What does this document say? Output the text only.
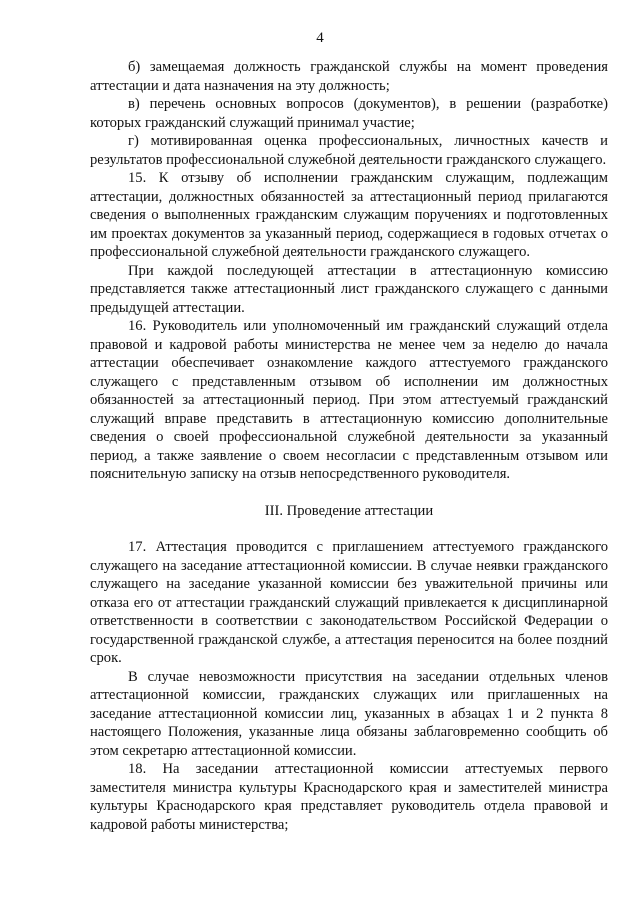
4

б) замещаемая должность гражданской службы на момент проведения аттестации и дата назначения на эту должность;

в) перечень основных вопросов (документов), в решении (разработке) которых гражданский служащий принимал участие;

г) мотивированная оценка профессиональных, личностных качеств и результатов профессиональной служебной деятельности гражданского служащего.

15. К отзыву об исполнении гражданским служащим, подлежащим аттестации, должностных обязанностей за аттестационный период прилагаются сведения о выполненных гражданским служащим поручениях и подготовленных им проектах документов за указанный период, содержащиеся в годовых отчетах о профессиональной служебной деятельности гражданского служащего.

При каждой последующей аттестации в аттестационную комиссию представляется также аттестационный лист гражданского служащего с данными предыдущей аттестации.

16. Руководитель или уполномоченный им гражданский служащий отдела правовой и кадровой работы министерства не менее чем за неделю до начала аттестации обеспечивает ознакомление каждого аттестуемого гражданского служащего с представленным отзывом об исполнении им должностных обязанностей за аттестационный период. При этом аттестуемый гражданский служащий вправе представить в аттестационную комиссию дополнительные сведения о своей профессиональной служебной деятельности за указанный период, а также заявление о своем несогласии с представленным отзывом или пояснительную записку на отзыв непосредственного руководителя.

III. Проведение аттестации

17. Аттестация проводится с приглашением аттестуемого гражданского служащего на заседание аттестационной комиссии. В случае неявки гражданского служащего на заседание указанной комиссии без уважительной причины или отказа его от аттестации гражданский служащий привлекается к дисциплинарной ответственности в соответствии с законодательством Российской Федерации о государственной гражданской службе, а аттестация переносится на более поздний срок.

В случае невозможности присутствия на заседании отдельных членов аттестационной комиссии, гражданских служащих или приглашенных на заседание аттестационной комиссии лиц, указанных в абзацах 1 и 2 пункта 8 настоящего Положения, указанные лица обязаны заблаговременно сообщить об этом секретарю аттестационной комиссии.

18. На заседании аттестационной комиссии аттестуемых первого заместителя министра культуры Краснодарского края и заместителей министра культуры Краснодарского края представляет руководитель отдела правовой и кадровой работы министерства;
